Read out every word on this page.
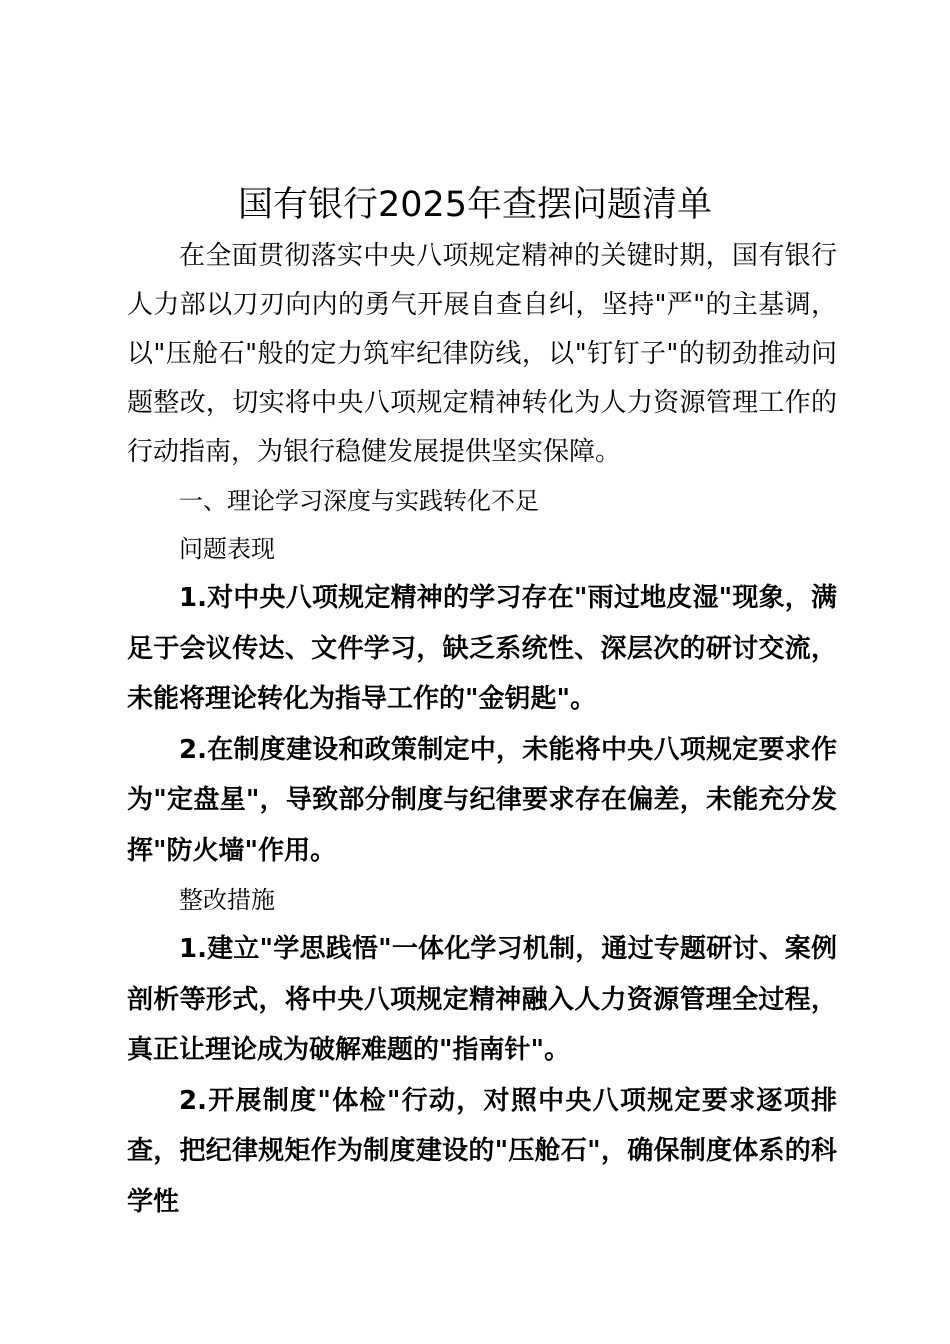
国有银行2025年查摆问题清单

在全面贯彻落实中央八项规定精神的关键时期，国有银行人力部以刀刃向内的勇气开展自查自纠，坚持"严"的主基调，以"压舱石"般的定力筑牢纪律防线，以"钉钉子"的韧劲推动问题整改，切实将中央八项规定精神转化为人力资源管理工作的行动指南，为银行稳健发展提供坚实保障。

一、理论学习深度与实践转化不足

问题表现

1.对中央八项规定精神的学习存在"雨过地皮湿"现象，满足于会议传达、文件学习，缺乏系统性、深层次的研讨交流，未能将理论转化为指导工作的"金钥匙"。

2.在制度建设和政策制定中，未能将中央八项规定要求作为"定盘星"，导致部分制度与纪律要求存在偏差，未能充分发挥"防火墙"作用。

整改措施

1.建立"学思践悟"一体化学习机制，通过专题研讨、案例剖析等形式，将中央八项规定精神融入人力资源管理全过程，真正让理论成为破解难题的"指南针"。

2.开展制度"体检"行动，对照中央八项规定要求逐项排查，把纪律规矩作为制度建设的"压舱石"，确保制度体系的科学性
